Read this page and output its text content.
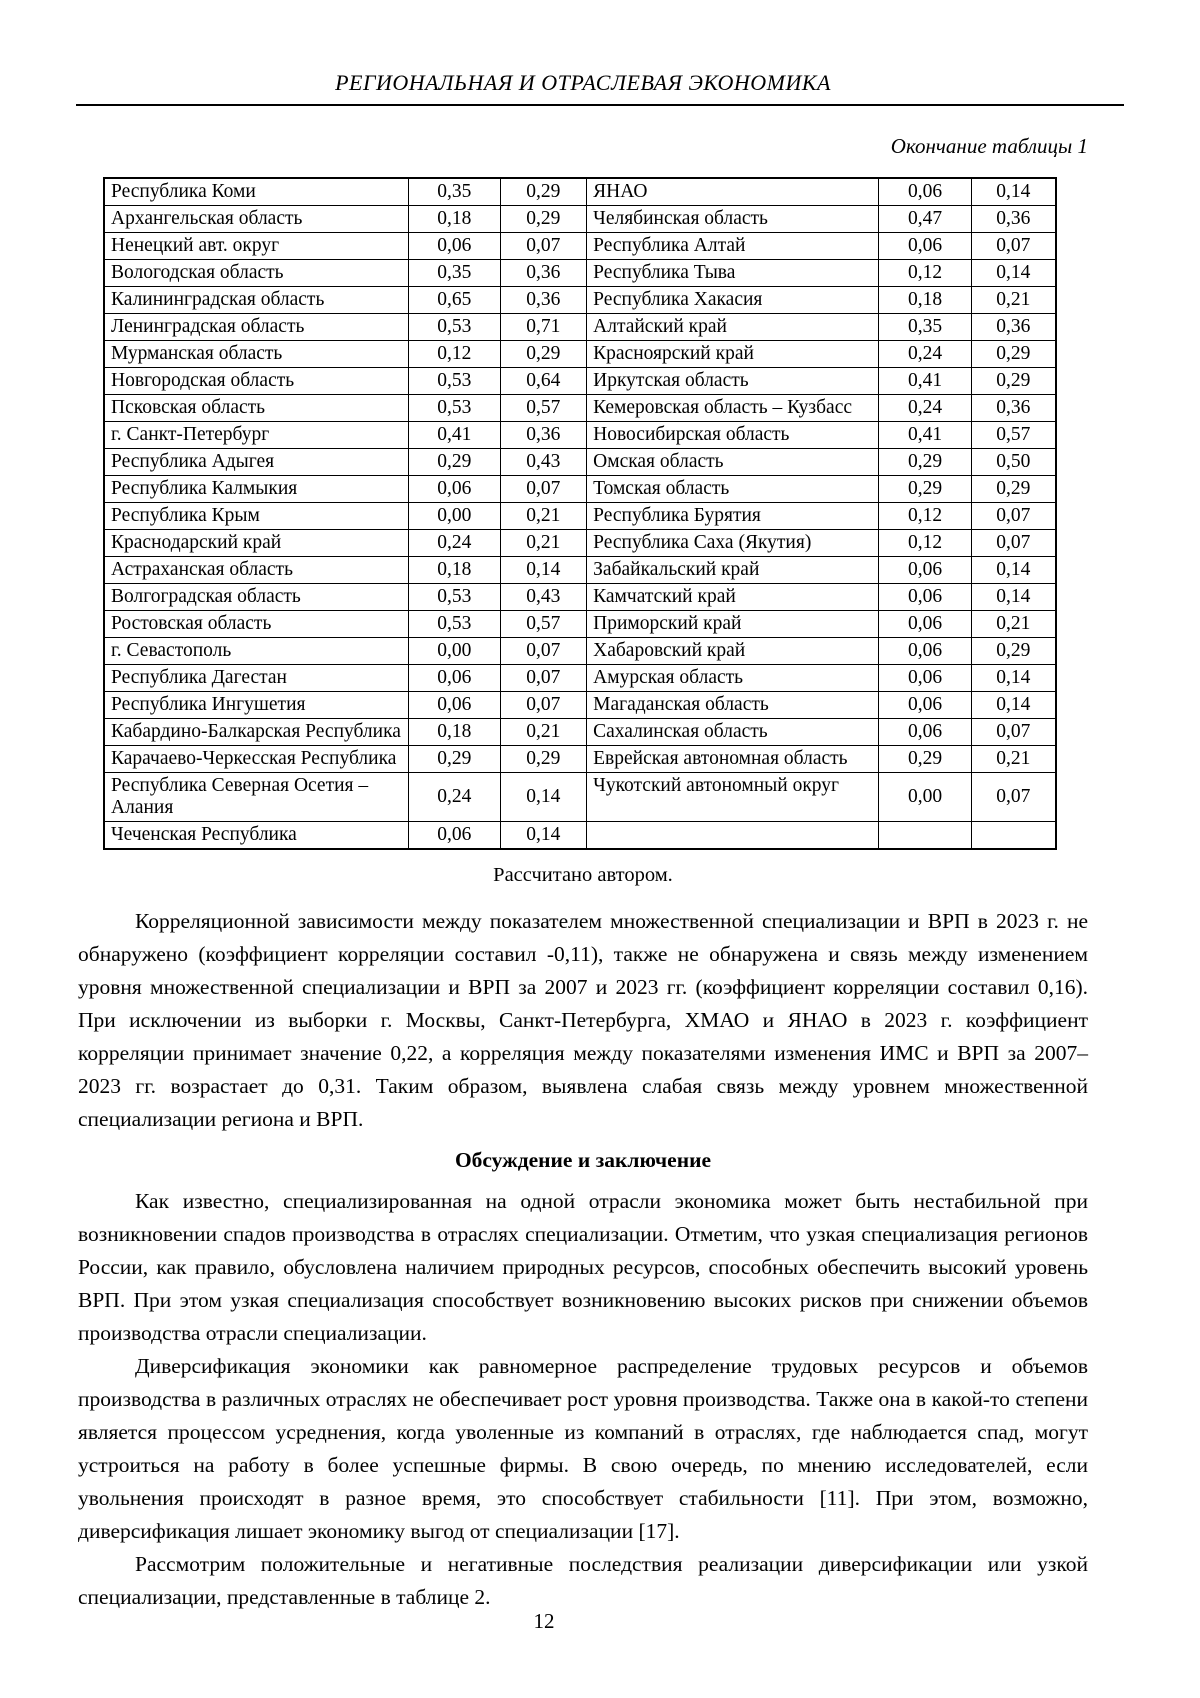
РЕГИОНАЛЬНАЯ И ОТРАСЛЕВАЯ ЭКОНОМИКА
Окончание таблицы 1
Республика Коми	0,35	0,29	ЯНАО	0,06	0,14
Архангельская область	0,18	0,29	Челябинская область	0,47	0,36
Ненецкий авт. округ	0,06	0,07	Республика Алтай	0,06	0,07
Вологодская область	0,35	0,36	Республика Тыва	0,12	0,14
Калининградская область	0,65	0,36	Республика Хакасия	0,18	0,21
Ленинградская область	0,53	0,71	Алтайский край	0,35	0,36
Мурманская область	0,12	0,29	Красноярский край	0,24	0,29
Новгородская область	0,53	0,64	Иркутская область	0,41	0,29
Псковская область	0,53	0,57	Кемеровская область – Кузбасс	0,24	0,36
г. Санкт-Петербург	0,41	0,36	Новосибирская область	0,41	0,57
Республика Адыгея	0,29	0,43	Омская область	0,29	0,50
Республика Калмыкия	0,06	0,07	Томская область	0,29	0,29
Республика Крым	0,00	0,21	Республика Бурятия	0,12	0,07
Краснодарский край	0,24	0,21	Республика Саха (Якутия)	0,12	0,07
Астраханская область	0,18	0,14	Забайкальский край	0,06	0,14
Волгоградская область	0,53	0,43	Камчатский край	0,06	0,14
Ростовская область	0,53	0,57	Приморский край	0,06	0,21
г. Севастополь	0,00	0,07	Хабаровский край	0,06	0,29
Республика Дагестан	0,06	0,07	Амурская область	0,06	0,14
Республика Ингушетия	0,06	0,07	Магаданская область	0,06	0,14
Кабардино-Балкарская Республика	0,18	0,21	Сахалинская область	0,06	0,07
Карачаево-Черкесская Республика	0,29	0,29	Еврейская автономная область	0,29	0,21
Республика Северная Осетия – Алания	0,24	0,14	Чукотский автономный округ	0,00	0,07
Чеченская Республика	0,06	0,14			
Рассчитано автором.

Корреляционной зависимости между показателем множественной специализации и ВРП в 2023 г. не обнаружено (коэффициент корреляции составил -0,11), также не обнаружена и связь между изменением уровня множественной специализации и ВРП за 2007 и 2023 гг. (коэффициент корреляции составил 0,16). При исключении из выборки г. Москвы, Санкт-Петербурга, ХМАО и ЯНАО в 2023 г. коэффициент корреляции принимает значение 0,22, а корреляция между показателями изменения ИМС и ВРП за 2007–2023 гг. возрастает до 0,31. Таким образом, выявлена слабая связь между уровнем множественной специализации региона и ВРП.

Обсуждение и заключение

Как известно, специализированная на одной отрасли экономика может быть нестабильной при возникновении спадов производства в отраслях специализации. Отметим, что узкая специализация регионов России, как правило, обусловлена наличием природных ресурсов, способных обеспечить высокий уровень ВРП. При этом узкая специализация способствует возникновению высоких рисков при снижении объемов производства отрасли специализации.

Диверсификация экономики как равномерное распределение трудовых ресурсов и объемов производства в различных отраслях не обеспечивает рост уровня производства. Также она в какой-то степени является процессом усреднения, когда уволенные из компаний в отраслях, где наблюдается спад, могут устроиться на работу в более успешные фирмы. В свою очередь, по мнению исследователей, если увольнения происходят в разное время, это способствует стабильности [11]. При этом, возможно, диверсификация лишает экономику выгод от специализации [17].

Рассмотрим положительные и негативные последствия реализации диверсификации или узкой специализации, представленные в таблице 2.

12
